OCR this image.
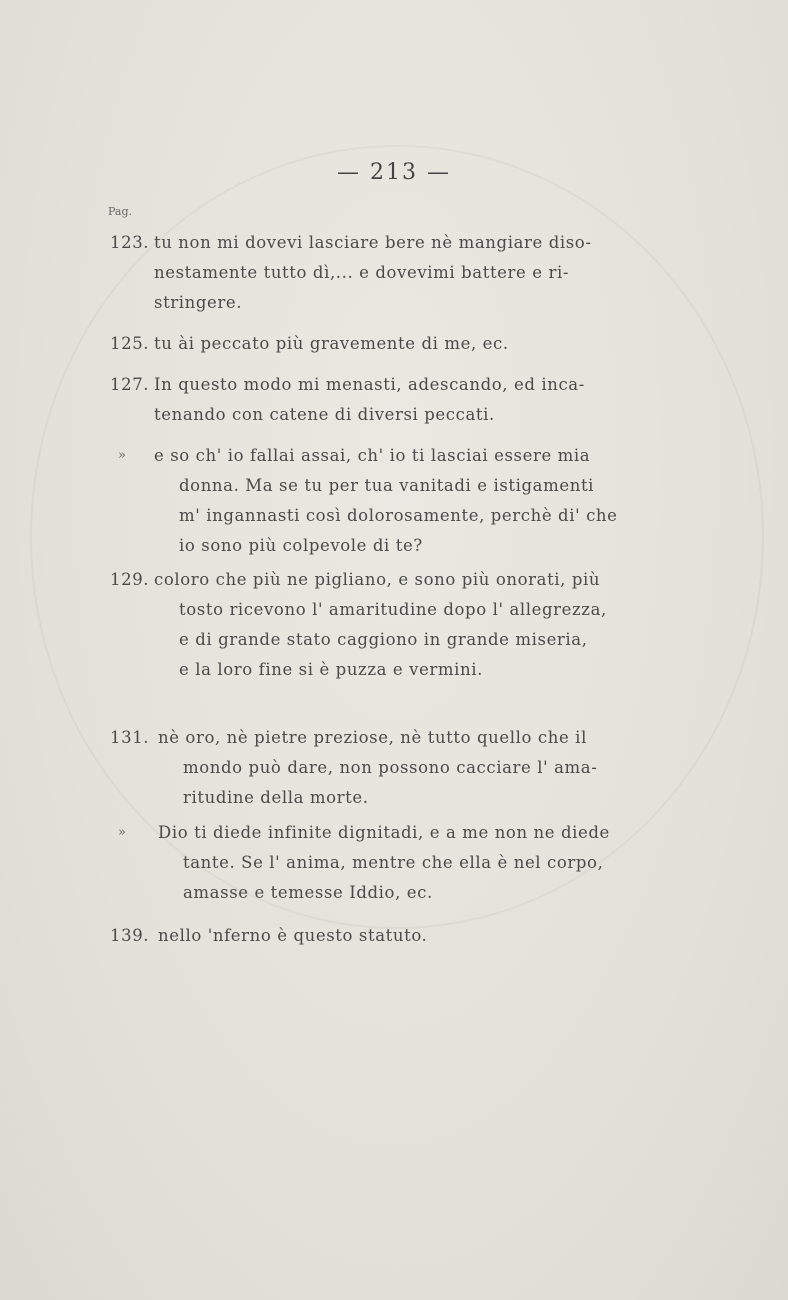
— 213 —
Pag.
123. tu non mi dovevi lasciare bere nè mangiare diso-
nestamente tutto dì,... e dovevimi battere e ri-
stringere.
125. tu ài peccato più gravemente di me, ec.
127. In questo modo mi menasti, adescando, ed inca-
tenando con catene di diversi peccati.
»	e so ch' io fallai assai, ch' io ti lasciai essere mia
donna. Ma se tu per tua vanitadi e istigamenti
m' ingannasti così dolorosamente, perchè di' che
io sono più colpevole di te?
129. coloro che più ne pigliano, e sono più onorati, più
tosto ricevono l' amaritudine dopo l' allegrezza,
e di grande stato caggiono in grande miseria,
e la loro fine si è puzza e vermini.
131. nè oro, nè pietre preziose, nè tutto quello che il
mondo può dare, non possono cacciare l' ama-
ritudine della morte.
»	Dio ti diede infinite dignitadi, e a me non ne diede
tante. Se l' anima, mentre che ella è nel corpo,
amasse e temesse Iddio, ec.
139. nello 'nferno è questo statuto.
